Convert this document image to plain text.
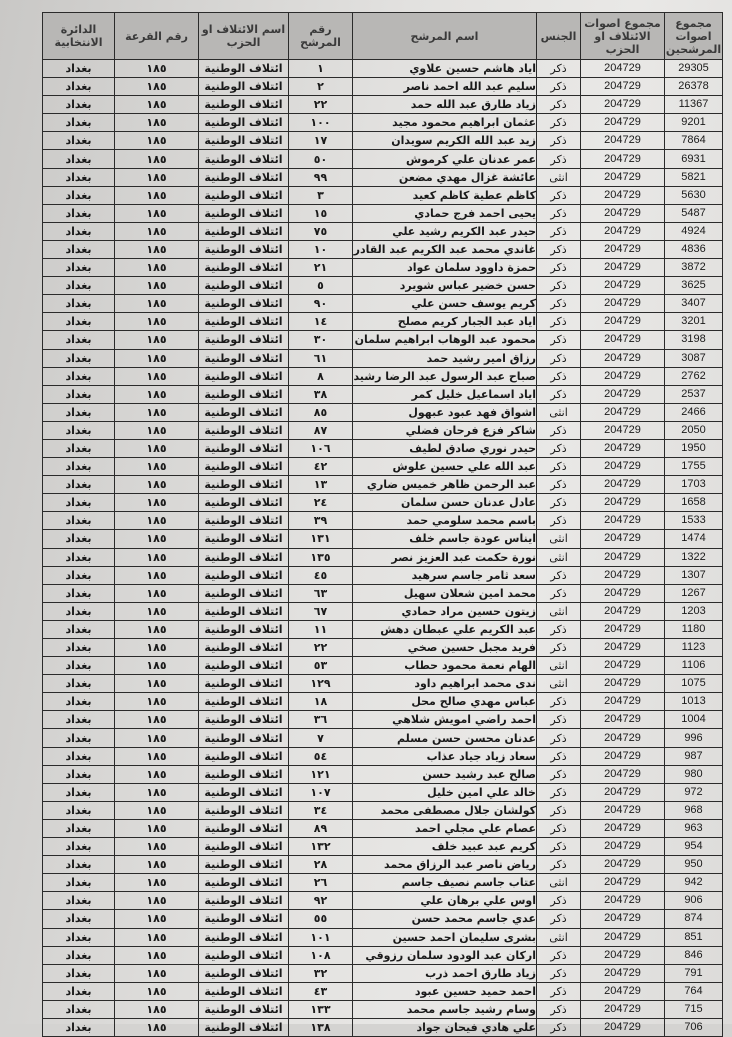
مجموع اصوات المرشحين	مجموع اصوات الائتلاف او الحزب	الجنس	اسم المرشح	رقم المرشح	اسم الائتلاف او الحزب	رقم القرعة	الدائرة الانتخابية
29305	204729	ذكر	اياد هاشم حسين علاوي	١	ائتلاف الوطنية	١٨٥	بغداد
26378	204729	ذكر	سليم عبد الله احمد ناصر	٢	ائتلاف الوطنية	١٨٥	بغداد
11367	204729	ذكر	زياد طارق عبد الله حمد	٢٢	ائتلاف الوطنية	١٨٥	بغداد
9201	204729	ذكر	عثمان ابراهيم محمود مجيد	١٠٠	ائتلاف الوطنية	١٨٥	بغداد
7864	204729	ذكر	زيد عبد الله الكريم سويدان	١٧	ائتلاف الوطنية	١٨٥	بغداد
6931	204729	ذكر	عمر عدنان علي كرموش	٥٠	ائتلاف الوطنية	١٨٥	بغداد
5821	204729	انثى	عائشة غزال مهدي مضعن	٩٩	ائتلاف الوطنية	١٨٥	بغداد
5630	204729	ذكر	كاظم عطية كاظم كعيد	٣	ائتلاف الوطنية	١٨٥	بغداد
5487	204729	ذكر	يحيى احمد فرج حمادي	١٥	ائتلاف الوطنية	١٨٥	بغداد
4924	204729	ذكر	حيدر عبد الكريم رشيد علي	٧٥	ائتلاف الوطنية	١٨٥	بغداد
4836	204729	ذكر	غاندي محمد عبد الكريم عبد القادر	١٠	ائتلاف الوطنية	١٨٥	بغداد
3872	204729	ذكر	حمزة داوود سلمان عواد	٢١	ائتلاف الوطنية	١٨٥	بغداد
3625	204729	ذكر	حسن خضير عباس شويرد	٥	ائتلاف الوطنية	١٨٥	بغداد
3407	204729	ذكر	كريم يوسف حسن علي	٩٠	ائتلاف الوطنية	١٨٥	بغداد
3201	204729	ذكر	اياد عبد الجبار كريم مصلح	١٤	ائتلاف الوطنية	١٨٥	بغداد
3198	204729	ذكر	محمود عبد الوهاب ابراهيم سلمان	٣٠	ائتلاف الوطنية	١٨٥	بغداد
3087	204729	ذكر	رزاق امير رشيد حمد	٦١	ائتلاف الوطنية	١٨٥	بغداد
2762	204729	ذكر	صباح عبد الرسول عبد الرضا رشيد	٨	ائتلاف الوطنية	١٨٥	بغداد
2537	204729	ذكر	اياد اسماعيل خليل كمر	٣٨	ائتلاف الوطنية	١٨٥	بغداد
2466	204729	انثى	اشواق فهد عبود عبهول	٨٥	ائتلاف الوطنية	١٨٥	بغداد
2050	204729	ذكر	شاكر فزع فرحان فضلي	٨٧	ائتلاف الوطنية	١٨٥	بغداد
1950	204729	ذكر	حيدر نوري صادق لطيف	١٠٦	ائتلاف الوطنية	١٨٥	بغداد
1755	204729	ذكر	عبد الله علي حسين علوش	٤٢	ائتلاف الوطنية	١٨٥	بغداد
1703	204729	ذكر	عبد الرحمن ظاهر خميس ضاري	١٣	ائتلاف الوطنية	١٨٥	بغداد
1658	204729	ذكر	عادل عدنان حسن سلمان	٢٤	ائتلاف الوطنية	١٨٥	بغداد
1533	204729	ذكر	باسم محمد سلومي حمد	٣٩	ائتلاف الوطنية	١٨٥	بغداد
1474	204729	انثى	ايناس عودة جاسم خلف	١٣١	ائتلاف الوطنية	١٨٥	بغداد
1322	204729	انثى	نورة حكمت عبد العزيز نصر	١٣٥	ائتلاف الوطنية	١٨٥	بغداد
1307	204729	ذكر	سعد ثامر جاسم سرهيد	٤٥	ائتلاف الوطنية	١٨٥	بغداد
1267	204729	ذكر	محمد امين شعلان سهيل	٦٣	ائتلاف الوطنية	١٨٥	بغداد
1203	204729	انثى	زيتون حسين مراد حمادي	٦٧	ائتلاف الوطنية	١٨٥	بغداد
1180	204729	ذكر	عبد الكريم علي عبطان دهش	١١	ائتلاف الوطنية	١٨٥	بغداد
1123	204729	ذكر	فريد مجبل حسين صخي	٢٢	ائتلاف الوطنية	١٨٥	بغداد
1106	204729	انثى	الهام نعمة محمود حطاب	٥٣	ائتلاف الوطنية	١٨٥	بغداد
1075	204729	انثى	ندى محمد ابراهيم داود	١٢٩	ائتلاف الوطنية	١٨٥	بغداد
1013	204729	ذكر	عباس مهدي صالح محل	١٨	ائتلاف الوطنية	١٨٥	بغداد
1004	204729	ذكر	احمد راضي امويش شلاهي	٣٦	ائتلاف الوطنية	١٨٥	بغداد
996	204729	ذكر	عدنان محسن حسن مسلم	٧	ائتلاف الوطنية	١٨٥	بغداد
987	204729	ذكر	سعاد زياد جياد عذاب	٥٤	ائتلاف الوطنية	١٨٥	بغداد
980	204729	ذكر	صالح عبد رشيد حسن	١٢١	ائتلاف الوطنية	١٨٥	بغداد
972	204729	ذكر	خالد علي امين خليل	١٠٧	ائتلاف الوطنية	١٨٥	بغداد
968	204729	ذكر	كولشان جلال مصطفى محمد	٣٤	ائتلاف الوطنية	١٨٥	بغداد
963	204729	ذكر	عصام علي مجلي احمد	٨٩	ائتلاف الوطنية	١٨٥	بغداد
954	204729	ذكر	كريم عبد عبيد خلف	١٣٢	ائتلاف الوطنية	١٨٥	بغداد
950	204729	ذكر	رياض ناصر عبد الرزاق محمد	٢٨	ائتلاف الوطنية	١٨٥	بغداد
942	204729	انثى	عتاب جاسم نصيف جاسم	٢٦	ائتلاف الوطنية	١٨٥	بغداد
906	204729	ذكر	اوس علي برهان علي	٩٢	ائتلاف الوطنية	١٨٥	بغداد
874	204729	ذكر	عدي جاسم محمد حسن	٥٥	ائتلاف الوطنية	١٨٥	بغداد
851	204729	انثى	بشرى سليمان احمد حسين	١٠١	ائتلاف الوطنية	١٨٥	بغداد
846	204729	ذكر	اركان عبد الودود سلمان رزوقي	١٠٨	ائتلاف الوطنية	١٨٥	بغداد
791	204729	ذكر	زياد طارق احمد ذرب	٣٢	ائتلاف الوطنية	١٨٥	بغداد
764	204729	ذكر	احمد حميد حسين عبود	٤٣	ائتلاف الوطنية	١٨٥	بغداد
715	204729	ذكر	وسام رشيد جاسم محمد	١٣٣	ائتلاف الوطنية	١٨٥	بغداد
706	204729	ذكر	علي هادي فيحان جواد	١٣٨	ائتلاف الوطنية	١٨٥	بغداد
